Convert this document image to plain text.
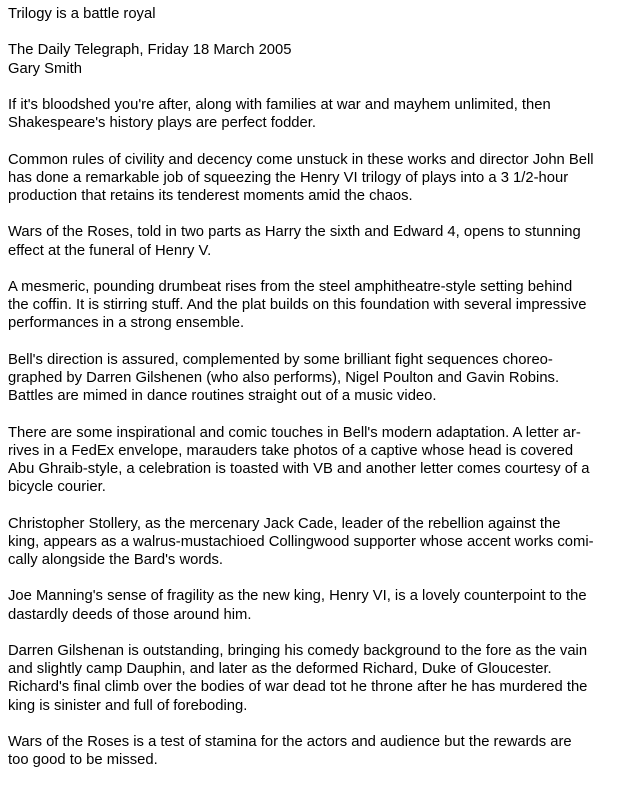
Trilogy is a battle royal

The Daily Telegraph, Friday 18 March 2005
Gary Smith

If it's bloodshed you're after, along with families at war and mayhem unlimited, then
Shakespeare's history plays are perfect fodder.

Common rules of civility and decency come unstuck in these works and director John Bell
has done a remarkable job of squeezing the Henry VI trilogy of plays into a 3 1/2-hour
production that retains its tenderest moments amid the chaos.

Wars of the Roses, told in two parts as Harry the sixth and Edward 4, opens to stunning
effect at the funeral of Henry V.

A mesmeric, pounding drumbeat rises from the steel amphitheatre-style setting behind
the coffin. It is stirring stuff. And the plat builds on this foundation with several impressive
performances in a strong ensemble.

Bell's direction is assured, complemented by some brilliant fight sequences choreo-
graphed by Darren Gilshenen (who also performs), Nigel Poulton and Gavin Robins.
Battles are mimed in dance routines straight out of a music video.

There are some inspirational and comic touches in Bell's modern adaptation. A letter ar-
rives in a FedEx envelope, marauders take photos of a captive whose head is covered
Abu Ghraib-style, a celebration is toasted with VB and another letter comes courtesy of a
bicycle courier.

Christopher Stollery, as the mercenary Jack Cade, leader of the rebellion against the
king, appears as a walrus-mustachioed Collingwood supporter whose accent works comi-
cally alongside the Bard's words.

Joe Manning's sense of fragility as the new king, Henry VI, is a lovely counterpoint to the
dastardly deeds of those around him.

Darren Gilshenan is outstanding, bringing his comedy background to the fore as the vain
and slightly camp Dauphin, and later as the deformed Richard, Duke of Gloucester.
Richard's final climb over the bodies of war dead tot he throne after he has murdered the
king is sinister and full of foreboding.

Wars of the Roses is a test of stamina for the actors and audience but the rewards are
too good to be missed.
